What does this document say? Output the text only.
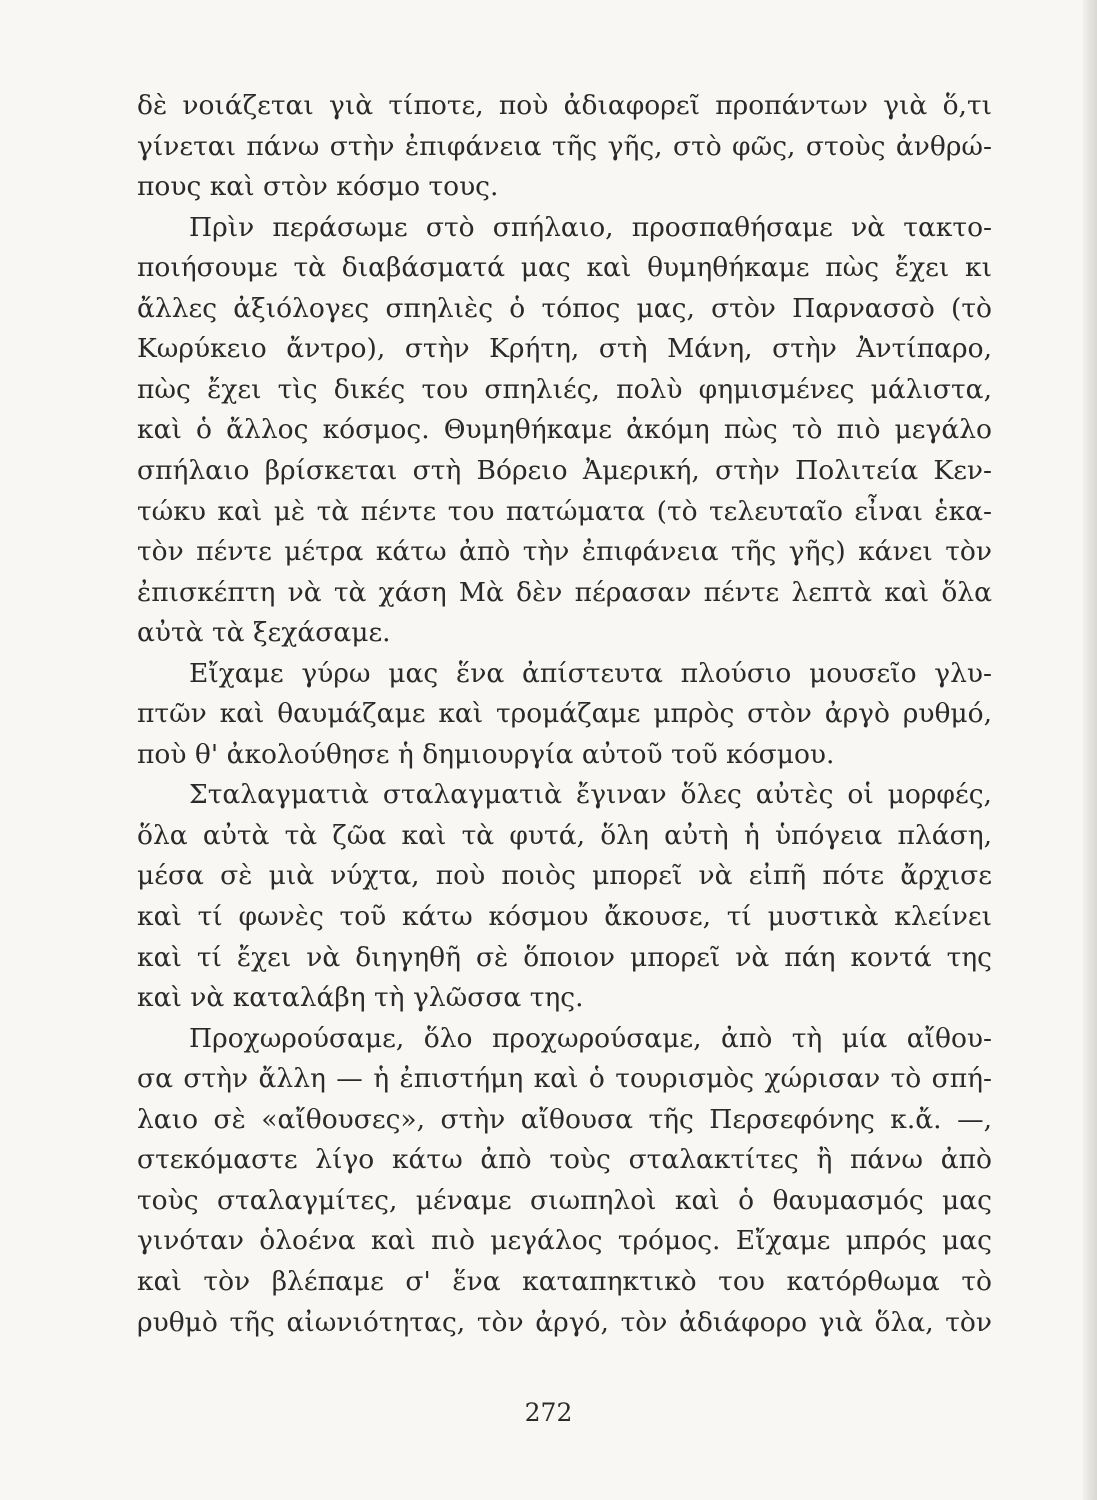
δὲ νοιάζεται γιὰ τίποτε, ποὺ ἀδιαφορεῖ προπάντων γιὰ ὅ,τι
γίνεται πάνω στὴν ἐπιφάνεια τῆς γῆς, στὸ φῶς, στοὺς ἀνθρώ-
πους καὶ στὸν κόσμο τους.
Πρὶν περάσωμε στὸ σπήλαιο, προσπαθήσαμε νὰ τακτο-
ποιήσουμε τὰ διαβάσματά μας καὶ θυμηθήκαμε πὼς ἔχει κι
ἄλλες ἀξιόλογες σπηλιὲς ὁ τόπος μας, στὸν Παρνασσὸ (τὸ
Κωρύκειο ἄντρο), στὴν Κρήτη, στὴ Μάνη, στὴν Ἀντίπαρο,
πὼς ἔχει τὶς δικές του σπηλιές, πολὺ φημισμένες μάλιστα,
καὶ ὁ ἄλλος κόσμος. Θυμηθήκαμε ἀκόμη πὼς τὸ πιὸ μεγάλο
σπήλαιο βρίσκεται στὴ Βόρειο Ἀμερική, στὴν Πολιτεία Κεν-
τώκυ καὶ μὲ τὰ πέντε του πατώματα (τὸ τελευταῖο εἶναι ἑκα-
τὸν πέντε μέτρα κάτω ἀπὸ τὴν ἐπιφάνεια τῆς γῆς) κάνει τὸν
ἐπισκέπτη νὰ τὰ χάση Μὰ δὲν πέρασαν πέντε λεπτὰ καὶ ὅλα
αὐτὰ τὰ ξεχάσαμε.
Εἴχαμε γύρω μας ἕνα ἀπίστευτα πλούσιο μουσεῖο γλυ-
πτῶν καὶ θαυμάζαμε καὶ τρομάζαμε μπρὸς στὸν ἀργὸ ρυθμό,
ποὺ θ' ἀκολούθησε ἡ δημιουργία αὐτοῦ τοῦ κόσμου.
Σταλαγματιὰ σταλαγματιὰ ἔγιναν ὅλες αὐτὲς οἱ μορφές,
ὅλα αὐτὰ τὰ ζῶα καὶ τὰ φυτά, ὅλη αὐτὴ ἡ ὑπόγεια πλάση,
μέσα σὲ μιὰ νύχτα, ποὺ ποιὸς μπορεῖ νὰ εἰπῆ πότε ἄρχισε
καὶ τί φωνὲς τοῦ κάτω κόσμου ἄκουσε, τί μυστικὰ κλείνει
καὶ τί ἔχει νὰ διηγηθῆ σὲ ὅποιον μπορεῖ νὰ πάη κοντά της
καὶ νὰ καταλάβη τὴ γλῶσσα της.
Προχωρούσαμε, ὅλο προχωρούσαμε, ἀπὸ τὴ μία αἴθου-
σα στὴν ἄλλη — ἡ ἐπιστήμη καὶ ὁ τουρισμὸς χώρισαν τὸ σπή-
λαιο σὲ «αἴθουσες», στὴν αἴθουσα τῆς Περσεφόνης κ.ἄ. —,
στεκόμαστε λίγο κάτω ἀπὸ τοὺς σταλακτίτες ἢ πάνω ἀπὸ
τοὺς σταλαγμίτες, μέναμε σιωπηλοὶ καὶ ὁ θαυμασμός μας
γινόταν ὁλοένα καὶ πιὸ μεγάλος τρόμος. Εἴχαμε μπρός μας
καὶ τὸν βλέπαμε σ' ἕνα καταπηκτικὸ του κατόρθωμα τὸ
ρυθμὸ τῆς αἰωνιότητας, τὸν ἀργό, τὸν ἀδιάφορο γιὰ ὅλα, τὸν
272
